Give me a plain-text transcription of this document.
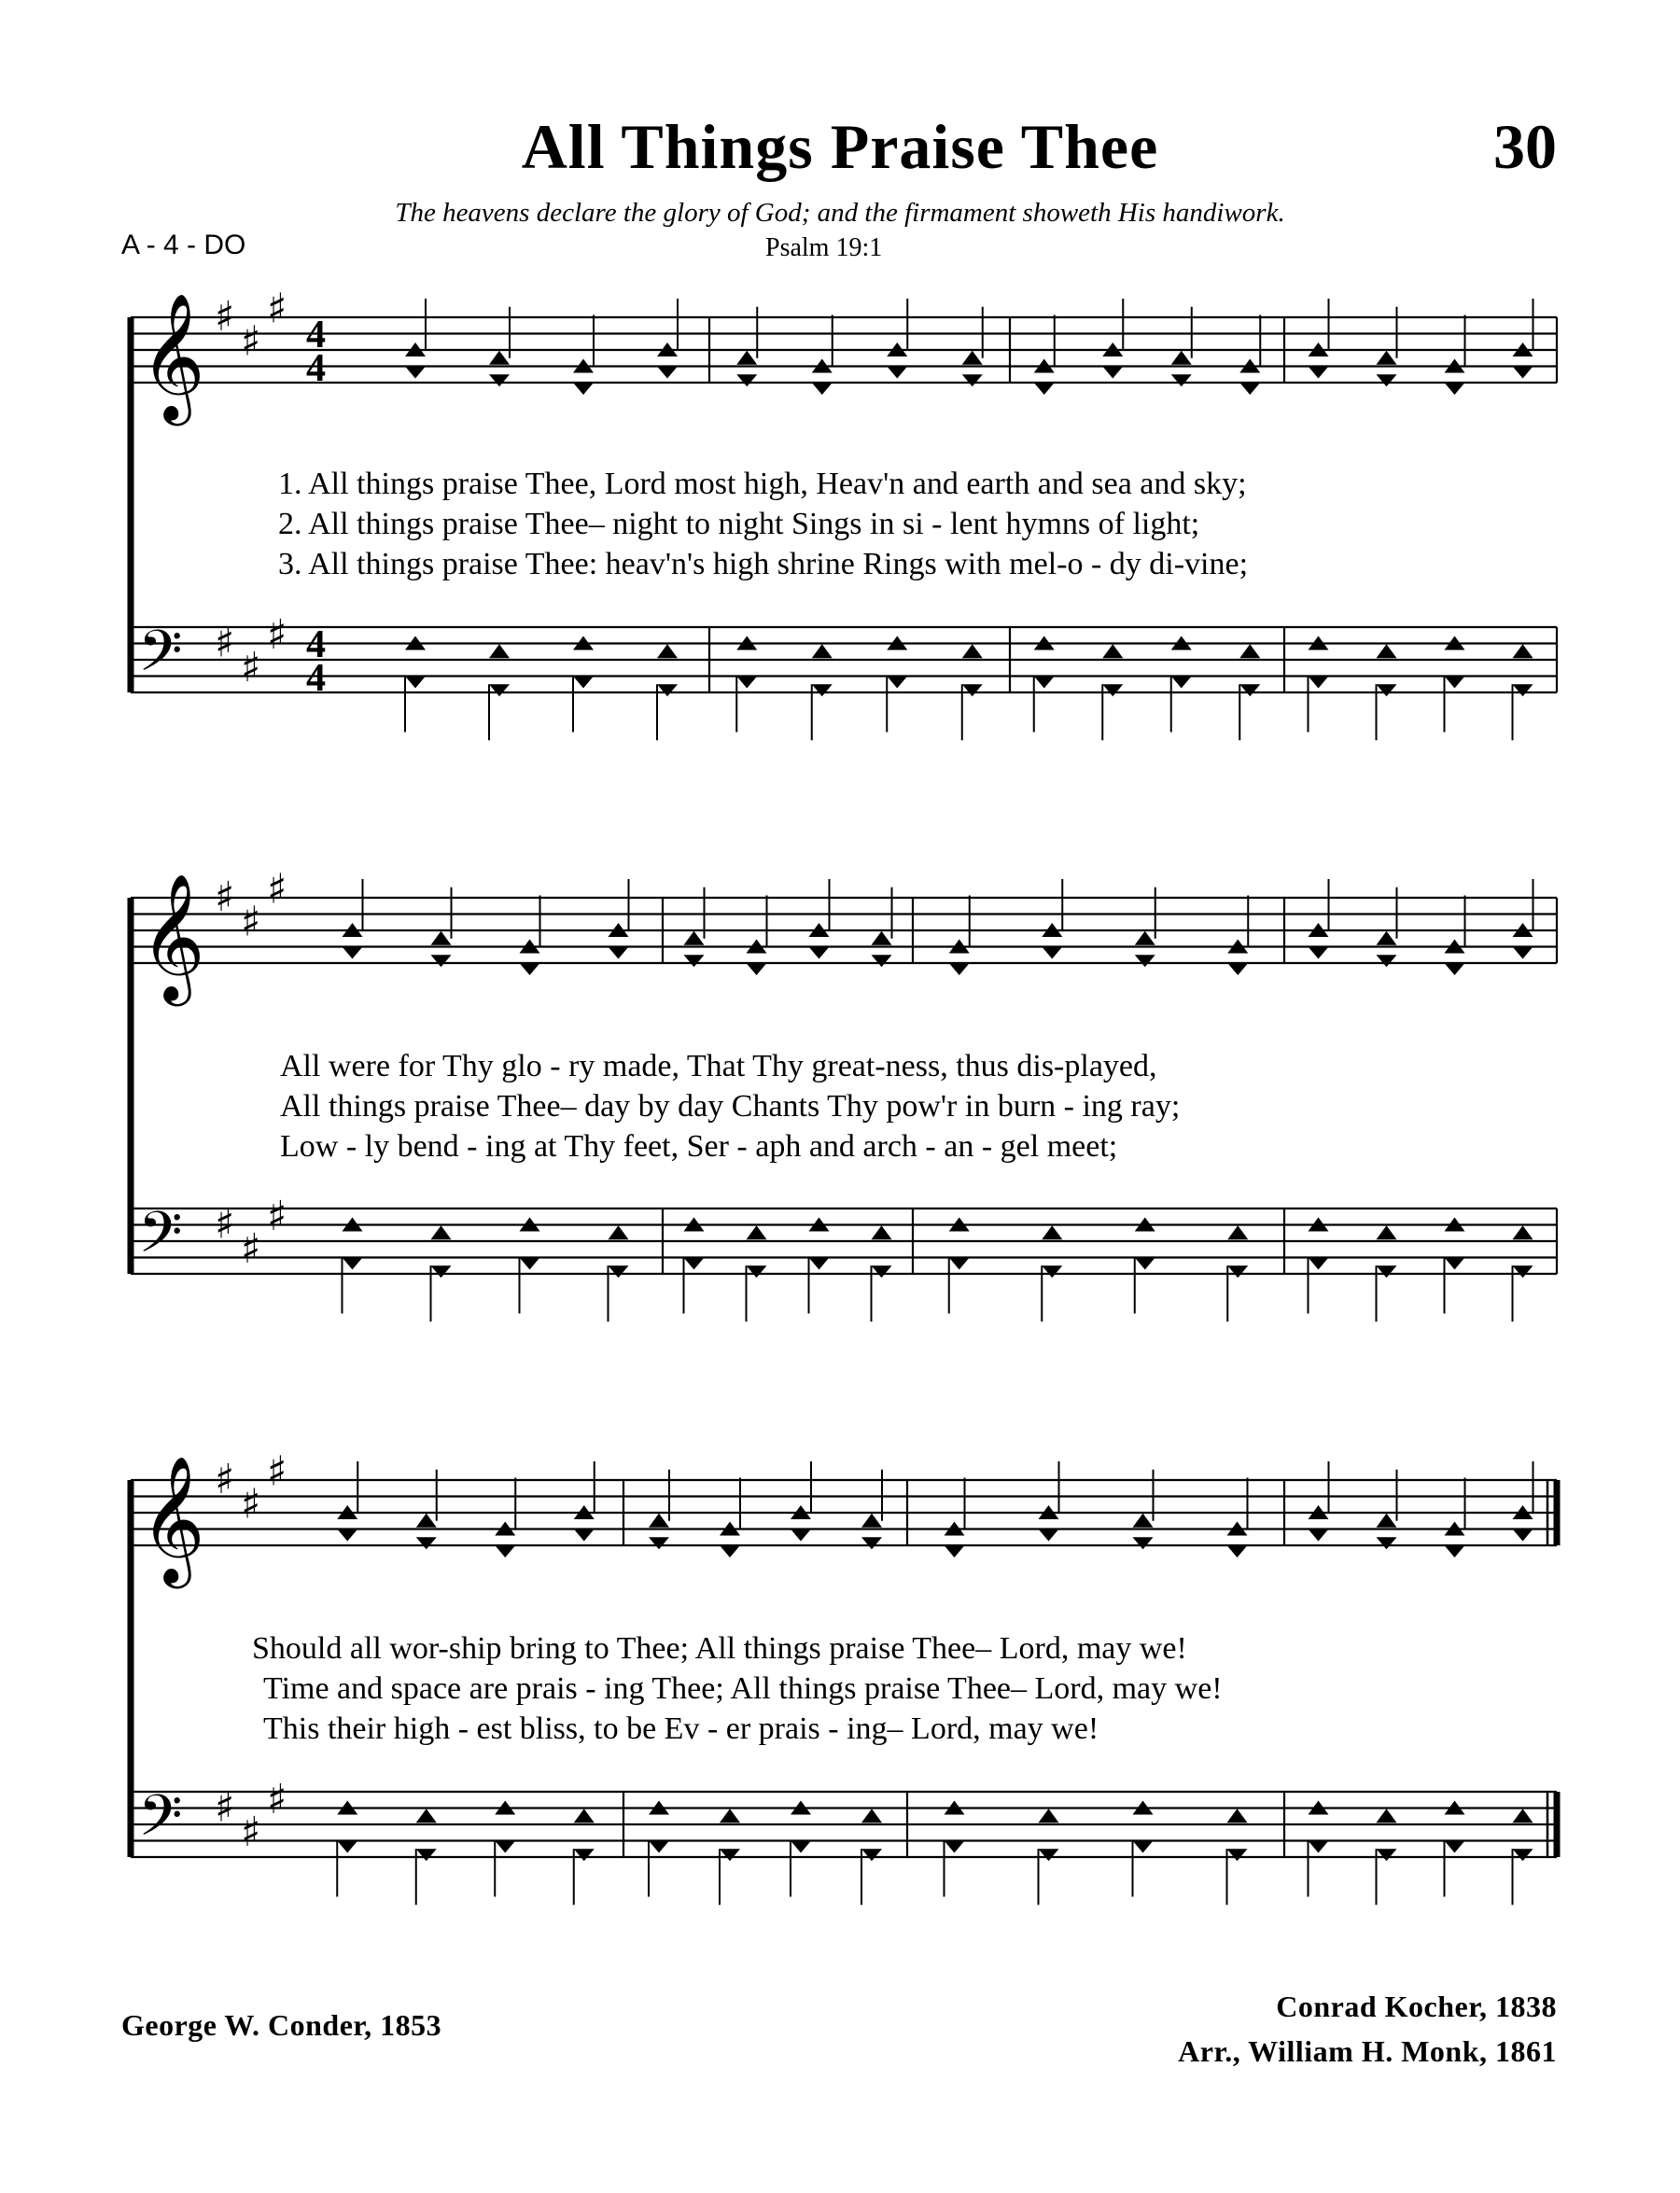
All Things Praise Thee	30
The heavens declare the glory of God; and the firmament showeth His handiwork.
A - 4 - DO	Psalm 19:1
𝄞 ♯
♯
♯
4
4
𝄢 ♯
♯
♯ 4
4
𝄞 ♯
♯
♯
𝄢 ♯
♯
♯
𝄞 ♯
♯
♯
𝄢 ♯
♯
♯
1. All things praise Thee, Lord most high, Heav'n and earth and sea and sky;
2. All things praise Thee– night to night Sings in si - lent hymns of light;
3. All things praise Thee: heav'n's high shrine Rings with mel-o - dy di-vine;
All were for Thy glo - ry made, That Thy great-ness, thus dis-played,
All things praise Thee– day by day Chants Thy pow'r in burn - ing ray;
Low - ly bend - ing at Thy feet, Ser - aph and arch - an - gel meet;
Should all wor-ship bring to Thee; All things praise Thee– Lord, may we!
Time and space are prais - ing Thee; All things praise Thee– Lord, may we!
This their high - est bliss, to be Ev - er prais - ing– Lord, may we!
George W. Conder, 1853
Conrad Kocher, 1838
Arr., William H. Monk, 1861
